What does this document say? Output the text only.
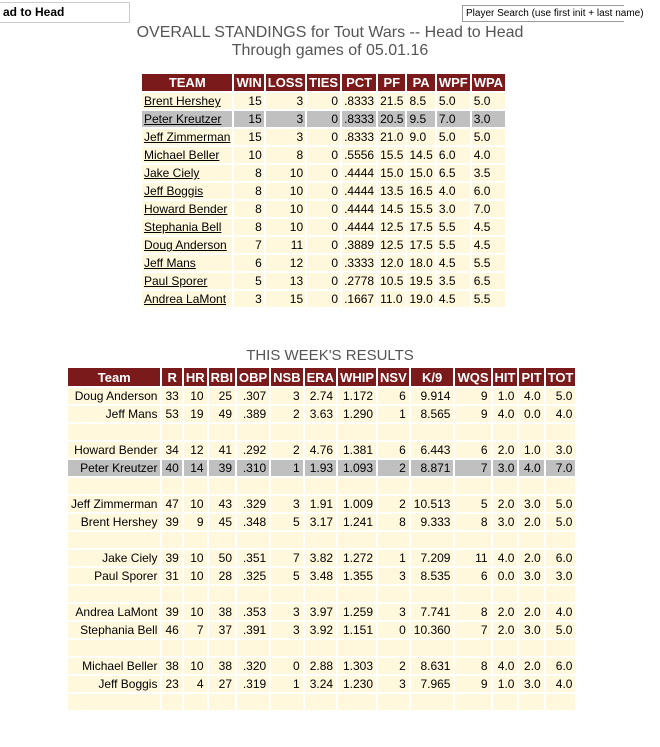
ad to Head	Player Search (use first init + last name)
OVERALL STANDINGS for Tout Wars -- Head to Head
Through games of 05.01.16
TEAM	WIN	LOSS	TIES	PCT	PF	PA	WPF	WPA
Brent Hershey	15	3	0	.8333	21.5	8.5	5.0	5.0
Peter Kreutzer	15	3	0	.8333	20.5	9.5	7.0	3.0
Jeff Zimmerman	15	3	0	.8333	21.0	9.0	5.0	5.0
Michael Beller	10	8	0	.5556	15.5	14.5	6.0	4.0
Jake Ciely	8	10	0	.4444	15.0	15.0	6.5	3.5
Jeff Boggis	8	10	0	.4444	13.5	16.5	4.0	6.0
Howard Bender	8	10	0	.4444	14.5	15.5	3.0	7.0
Stephania Bell	8	10	0	.4444	12.5	17.5	5.5	4.5
Doug Anderson	7	11	0	.3889	12.5	17.5	5.5	4.5
Jeff Mans	6	12	0	.3333	12.0	18.0	4.5	5.5
Paul Sporer	5	13	0	.2778	10.5	19.5	3.5	6.5
Andrea LaMont	3	15	0	.1667	11.0	19.0	4.5	5.5
THIS WEEK'S RESULTS
Team	R	HR	RBI	OBP	NSB	ERA	WHIP	NSV	K/9	WQS	HIT	PIT	TOT
Doug Anderson	33	10	25	.307	3	2.74	1.172	6	9.914	9	1.0	4.0	5.0
Jeff Mans	53	19	49	.389	2	3.63	1.290	1	8.565	9	4.0	0.0	4.0

Howard Bender	34	12	41	.292	2	4.76	1.381	6	6.443	6	2.0	1.0	3.0
Peter Kreutzer	40	14	39	.310	1	1.93	1.093	2	8.871	7	3.0	4.0	7.0

Jeff Zimmerman	47	10	43	.329	3	1.91	1.009	2	10.513	5	2.0	3.0	5.0
Brent Hershey	39	9	45	.348	5	3.17	1.241	8	9.333	8	3.0	2.0	5.0

Jake Ciely	39	10	50	.351	7	3.82	1.272	1	7.209	11	4.0	2.0	6.0
Paul Sporer	31	10	28	.325	5	3.48	1.355	3	8.535	6	0.0	3.0	3.0

Andrea LaMont	39	10	38	.353	3	3.97	1.259	3	7.741	8	2.0	2.0	4.0
Stephania Bell	46	7	37	.391	3	3.92	1.151	0	10.360	7	2.0	3.0	5.0

Michael Beller	38	10	38	.320	0	2.88	1.303	2	8.631	8	4.0	2.0	6.0
Jeff Boggis	23	4	27	.319	1	3.24	1.230	3	7.965	9	1.0	3.0	4.0
